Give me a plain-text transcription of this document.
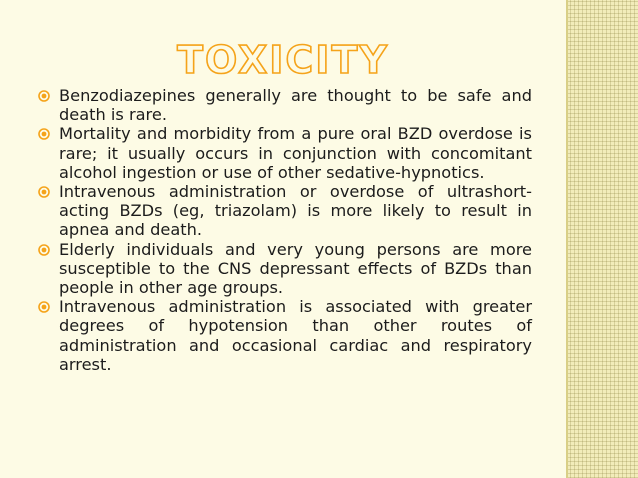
TOXICITY
Benzodiazepines generally are thought to be safe and death is rare.
Mortality and morbidity from a pure oral BZD overdose is rare; it usually occurs in conjunction with concomitant alcohol ingestion or use of other sedative-hypnotics.
Intravenous administration or overdose of ultrashort-acting BZDs (eg, triazolam) is more likely to result in apnea and death.
Elderly individuals and very young persons are more susceptible to the CNS depressant effects of BZDs than people in other age groups.
Intravenous administration is associated with greater degrees of hypotension than other routes of administration and occasional cardiac and respiratory arrest.
